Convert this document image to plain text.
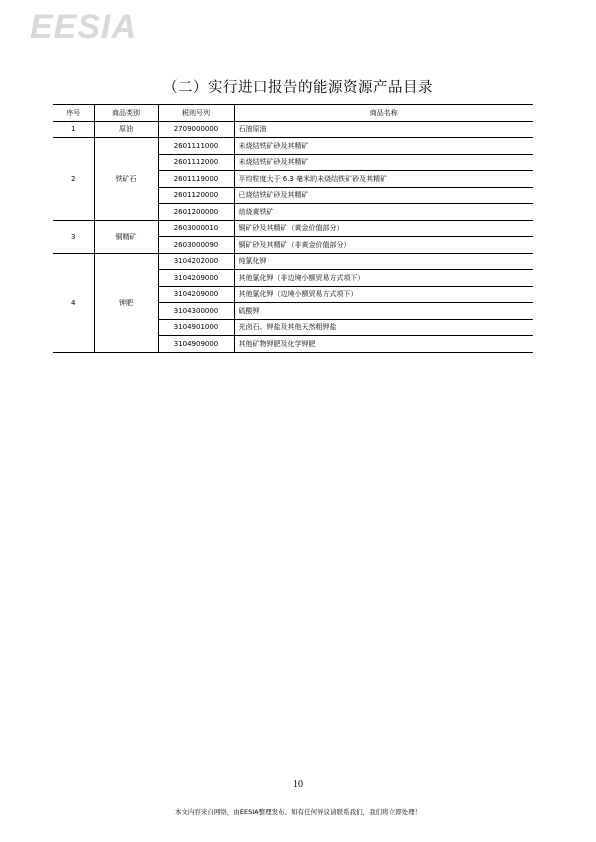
EESIA
（二）实行进口报告的能源资源产品目录
序号	商品类别	税则号列	商品名称
1	原油	2709000000	石油原油
2	铁矿石	2601111000	未烧结铁矿砂及其精矿
		2601112000	未烧结铁矿砂及其精矿
		2601119000	平均粒度大于 6.3 毫米的未烧结铁矿砂及其精矿
		2601120000	已烧结铁矿砂及其精矿
		2601200000	焙烧黄铁矿
3	铜精矿	2603000010	铜矿砂及其精矿（黄金价值部分）
		2603000090	铜矿砂及其精矿（非黄金价值部分）
4	钾肥	3104202000	纯氯化钾
		3104209000	其他氯化钾（非边境小额贸易方式项下）
		3104209000	其他氯化钾（边境小额贸易方式项下）
		3104300000	硫酸钾
		3104901000	光卤石、钾盐及其他天然粗钾盐
		3104909000	其他矿物钾肥及化学钾肥
10
本文内容来自网络，由EESIA整理发布。如有任何异议请联系我们，我们将立即处理！
